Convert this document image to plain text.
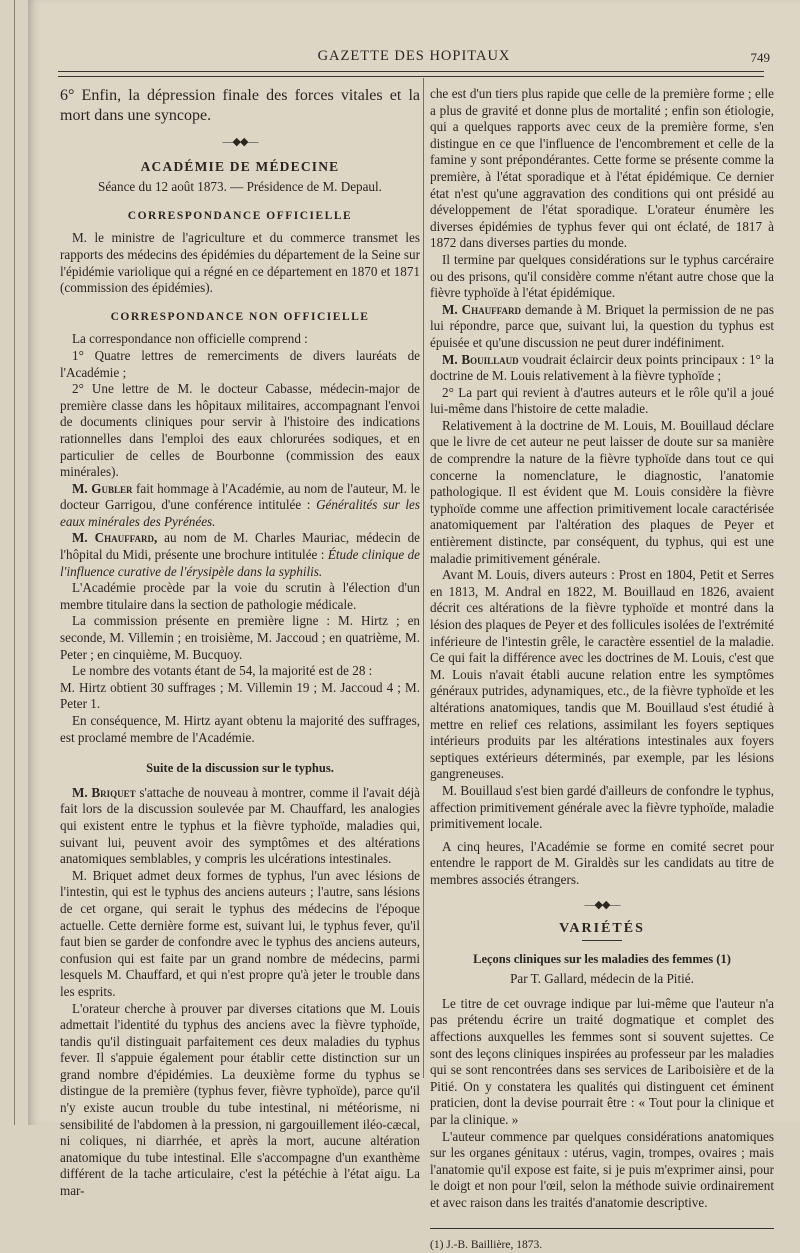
GAZETTE DES HOPITAUX	749

6° Enfin, la dépression finale des forces vitales et la mort dans une syncope.

—◆◆—
ACADÉMIE DE MÉDECINE

Séance du 12 août 1873. — Présidence de M. Depaul.

CORRESPONDANCE OFFICIELLE

M. le ministre de l'agriculture et du commerce transmet les rapports des médecins des épidémies du département de la Seine sur l'épidémie variolique qui a régné en ce département en 1870 et 1871 (commission des épidémies).

CORRESPONDANCE NON OFFICIELLE

La correspondance non officielle comprend :

1° Quatre lettres de remerciments de divers lauréats de l'Académie ;

2° Une lettre de M. le docteur Cabasse, médecin-major de première classe dans les hôpitaux militaires, accompagnant l'envoi de documents cliniques pour servir à l'histoire des indications rationnelles dans l'emploi des eaux chlorurées sodiques, et en particulier de celles de Bourbonne (commission des eaux minérales).

M. Gubler fait hommage à l'Académie, au nom de l'auteur, M. le docteur Garrigou, d'une conférence intitulée : Généralités sur les eaux minérales des Pyrénées.

M. Chauffard, au nom de M. Charles Mauriac, médecin de l'hôpital du Midi, présente une brochure intitulée : Étude clinique de l'influence curative de l'érysipèle dans la syphilis.

L'Académie procède par la voie du scrutin à l'élection d'un membre titulaire dans la section de pathologie médicale.

La commission présente en première ligne : M. Hirtz ; en seconde, M. Villemin ; en troisième, M. Jaccoud ; en quatrième, M. Peter ; en cinquième, M. Bucquoy.

Le nombre des votants étant de 54, la majorité est de 28 :

M. Hirtz obtient 30 suffrages ; M. Villemin 19 ; M. Jaccoud 4 ; M. Peter 1.

En conséquence, M. Hirtz ayant obtenu la majorité des suffrages, est proclamé membre de l'Académie.

Suite de la discussion sur le typhus.

M. Briquet s'attache de nouveau à montrer, comme il l'avait déjà fait lors de la discussion soulevée par M. Chauffard, les analogies qui existent entre le typhus et la fièvre typhoïde, maladies qui, suivant lui, peuvent avoir des symptômes et des altérations anatomiques semblables, y compris les ulcérations intestinales.

M. Briquet admet deux formes de typhus, l'un avec lésions de l'intestin, qui est le typhus des anciens auteurs ; l'autre, sans lésions de cet organe, qui serait le typhus des médecins de l'époque actuelle. Cette dernière forme est, suivant lui, le typhus fever, qu'il faut bien se garder de confondre avec le typhus des anciens auteurs, confusion qui est faite par un grand nombre de médecins, parmi lesquels M. Chauffard, et qui n'est propre qu'à jeter le trouble dans les esprits.

L'orateur cherche à prouver par diverses citations que M. Louis admettait l'identité du typhus des anciens avec la fièvre typhoïde, tandis qu'il distinguait parfaitement ces deux maladies du typhus fever. Il s'appuie également pour établir cette distinction sur un grand nombre d'épidémies. La deuxième forme du typhus se distingue de la première (typhus fever, fièvre typhoïde), parce qu'il n'y existe aucun trouble du tube intestinal, ni météorisme, ni sensibilité de l'abdomen à la pression, ni gargouillement iléo-cæcal, ni coliques, ni diarrhée, et après la mort, aucune altération anatomique du tube intestinal. Elle s'accompagne d'un exanthème différent de la tache articulaire, c'est la pétéchie à l'état aigu. La mar-

che est d'un tiers plus rapide que celle de la première forme ; elle a plus de gravité et donne plus de mortalité ; enfin son étiologie, qui a quelques rapports avec ceux de la première forme, s'en distingue en ce que l'influence de l'encombrement et celle de la famine y sont prépondérantes. Cette forme se présente comme la première, à l'état sporadique et à l'état épidémique. Ce dernier état n'est qu'une aggravation des conditions qui ont présidé au développement de l'état sporadique. L'orateur énumère les diverses épidémies de typhus fever qui ont éclaté, de 1817 à 1872 dans diverses parties du monde.

Il termine par quelques considérations sur le typhus carcéraire ou des prisons, qu'il considère comme n'étant autre chose que la fièvre typhoïde à l'état épidémique.

M. Chauffard demande à M. Briquet la permission de ne pas lui répondre, parce que, suivant lui, la question du typhus est épuisée et qu'une discussion ne peut durer indéfiniment.

M. Bouillaud voudrait éclaircir deux points principaux : 1° la doctrine de M. Louis relativement à la fièvre typhoïde ;

2° La part qui revient à d'autres auteurs et le rôle qu'il a joué lui-même dans l'histoire de cette maladie.

Relativement à la doctrine de M. Louis, M. Bouillaud déclare que le livre de cet auteur ne peut laisser de doute sur sa manière de comprendre la nature de la fièvre typhoïde dans tout ce qui concerne la nomenclature, le diagnostic, l'anatomie pathologique. Il est évident que M. Louis considère la fièvre typhoïde comme une affection primitivement locale caractérisée anatomiquement par l'altération des plaques de Peyer et entièrement distincte, par conséquent, du typhus, qui est une maladie primitivement générale.

Avant M. Louis, divers auteurs : Prost en 1804, Petit et Serres en 1813, M. Andral en 1822, M. Bouillaud en 1826, avaient décrit ces altérations de la fièvre typhoïde et montré dans la lésion des plaques de Peyer et des follicules isolées de l'extrémité inférieure de l'intestin grêle, le caractère essentiel de la maladie. Ce qui fait la différence avec les doctrines de M. Louis, c'est que M. Louis n'avait établi aucune relation entre les symptômes généraux putrides, adynamiques, etc., de la fièvre typhoïde et les altérations anatomiques, tandis que M. Bouillaud s'est étudié à mettre en relief ces relations, assimilant les foyers septiques intérieurs produits par les altérations intestinales aux foyers septiques extérieurs déterminés, par exemple, par les lésions gangreneuses.

M. Bouillaud s'est bien gardé d'ailleurs de confondre le typhus, affection primitivement générale avec la fièvre typhoïde, maladie primitivement locale.

A cinq heures, l'Académie se forme en comité secret pour entendre le rapport de M. Giraldès sur les candidats au titre de membres associés étrangers.

—◆◆—
VARIÉTÉS
Leçons cliniques sur les maladies des femmes (1)

Par T. Gallard, médecin de la Pitié.

Le titre de cet ouvrage indique par lui-même que l'auteur n'a pas prétendu écrire un traité dogmatique et complet des affections auxquelles les femmes sont si souvent sujettes. Ce sont des leçons cliniques inspirées au professeur par les maladies qui se sont rencontrées dans ses services de Lariboisière et de la Pitié. On y constatera les qualités qui distinguent cet éminent praticien, dont la devise pourrait être : « Tout pour la clinique et par la clinique. »

L'auteur commence par quelques considérations anatomiques sur les organes génitaux : utérus, vagin, trompes, ovaires ; mais l'anatomie qu'il expose est faite, si je puis m'exprimer ainsi, pour le doigt et non pour l'œil, selon la méthode suivie ordinairement et avec raison dans les traités d'anatomie descriptive.

(1) J.-B. Baillière, 1873.
